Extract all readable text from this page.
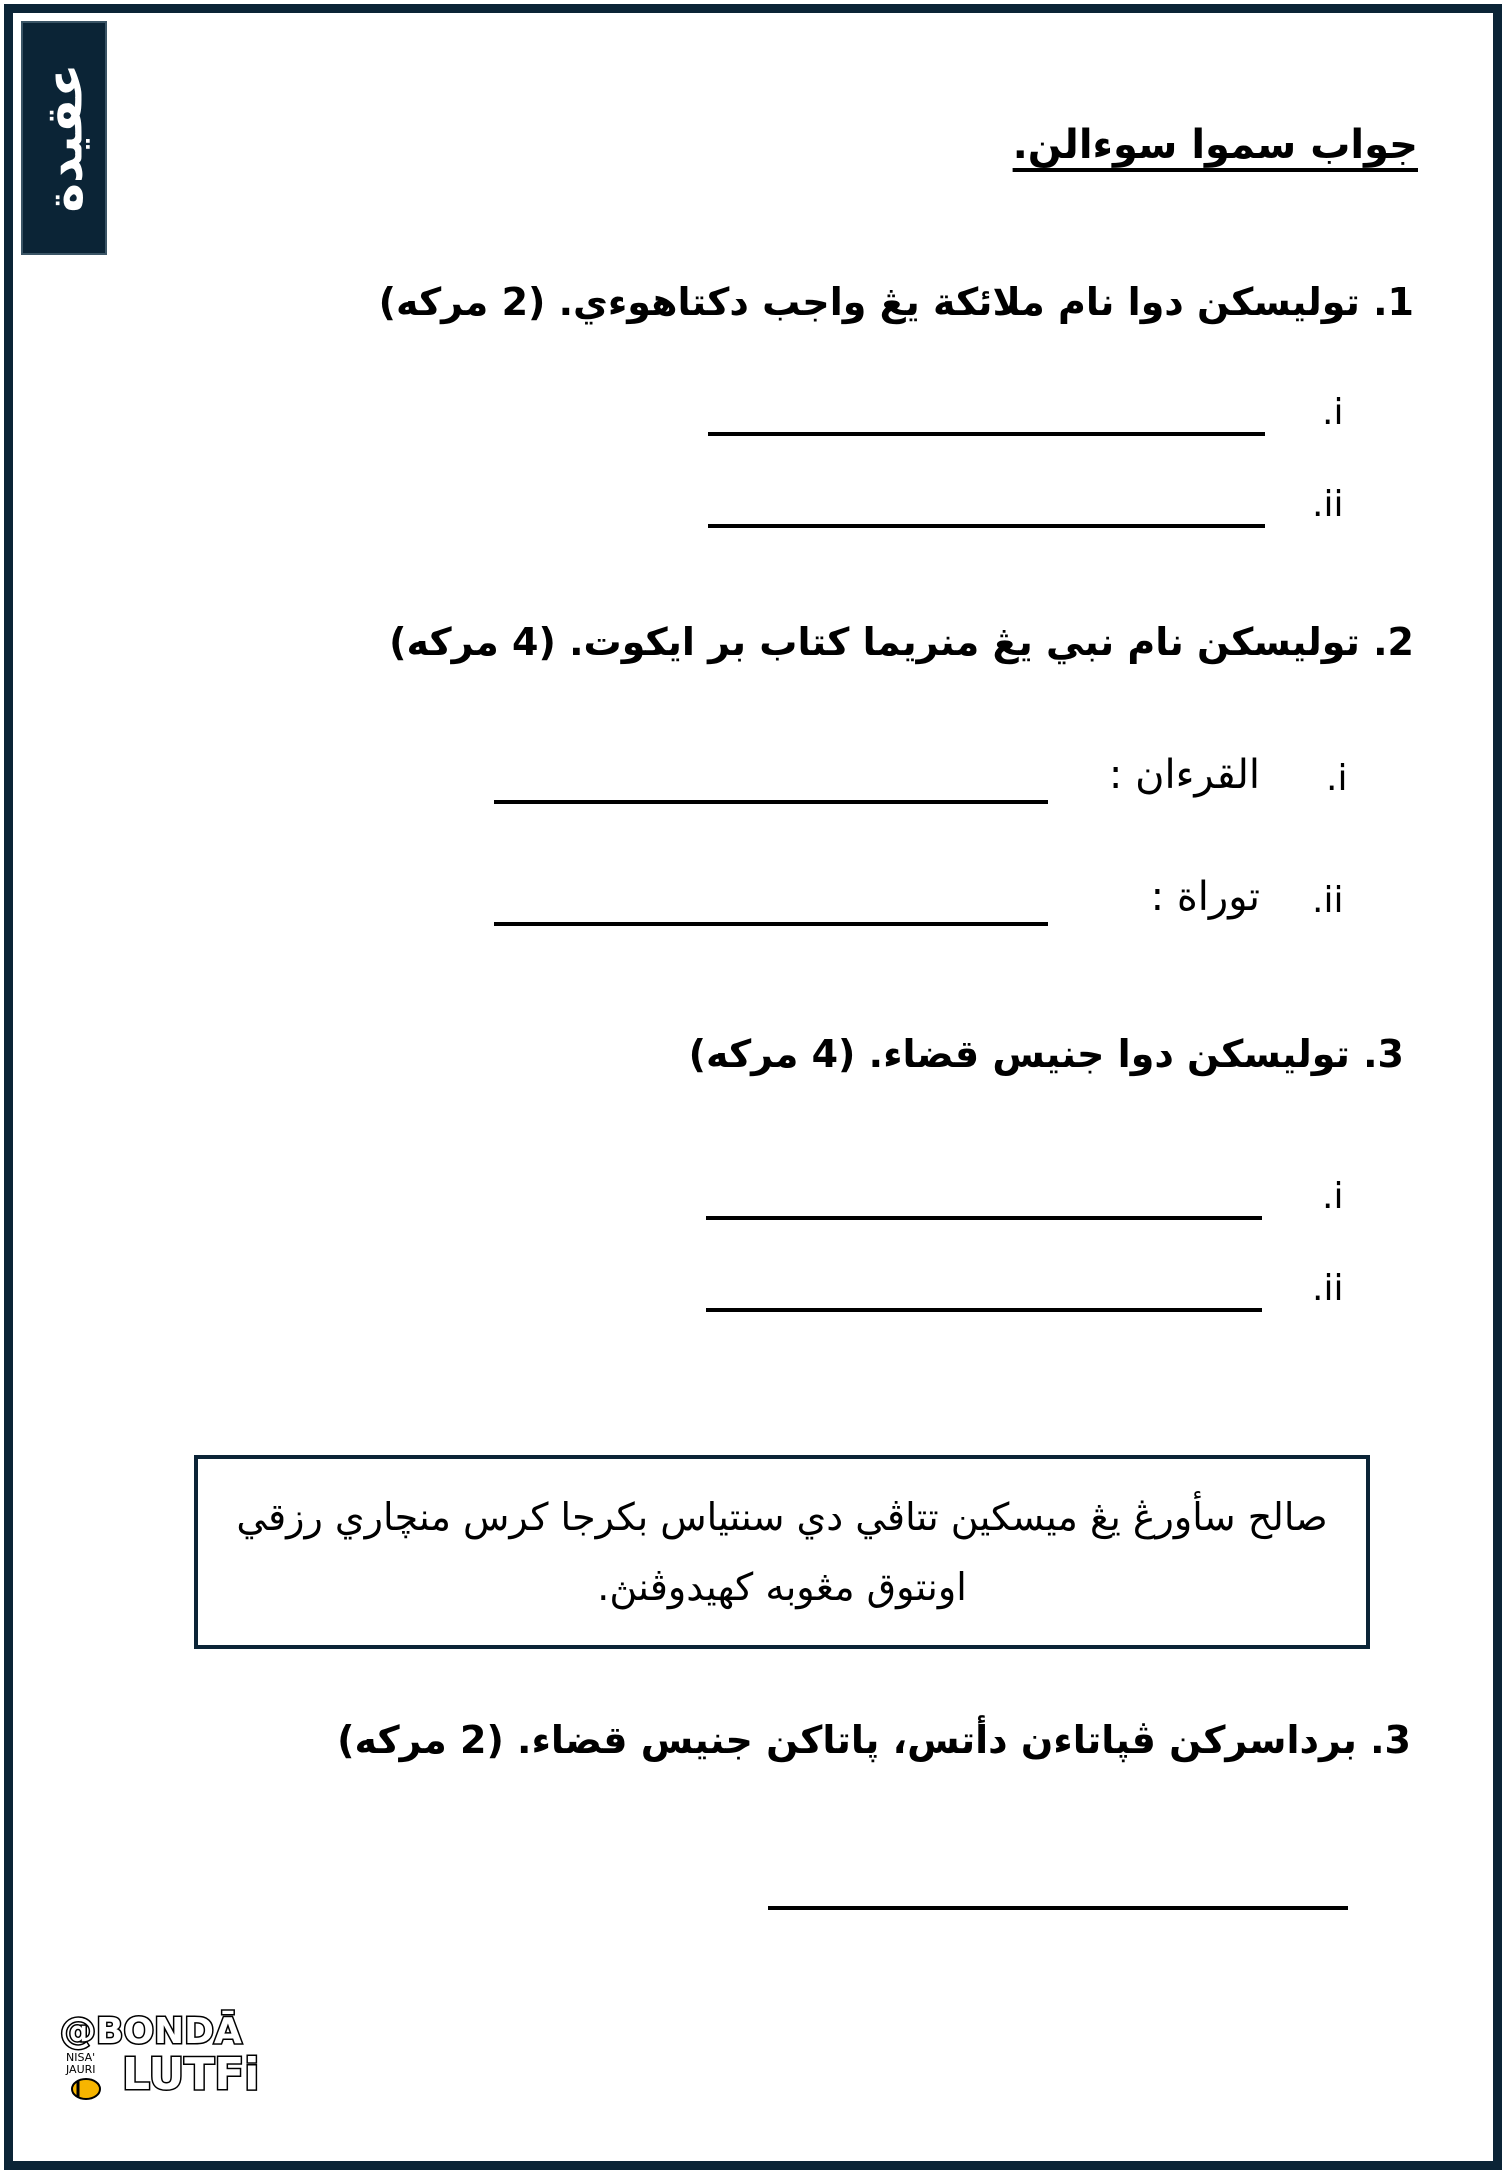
عقيدة	جواب سموا سوءالن.
1. توليسكن دوا نام ملائكة يڠ واجب دكتاهوءي. (2 مركه)
i.
ii.
2. توليسكن نام نبي يڠ منريما كتاب بر ايكوت. (4 مركه)
i.
القرءان :
ii.
توراة :
3. توليسكن دوا جنيس قضاء. (4 مركه)
i.
ii.

صالح سأورڠ يڠ ميسكين تتاڤي دي سنتياس بكرجا كرس منچاري رزقي اونتوق مڠوبه كهيدوڤنڽ.

3. برداسركن ڤڽاتاءن دأتس، ڽاتاكن جنيس قضاء. (2 مركه)
@BONDĀ
LUTFi
NISA'
JAURI
